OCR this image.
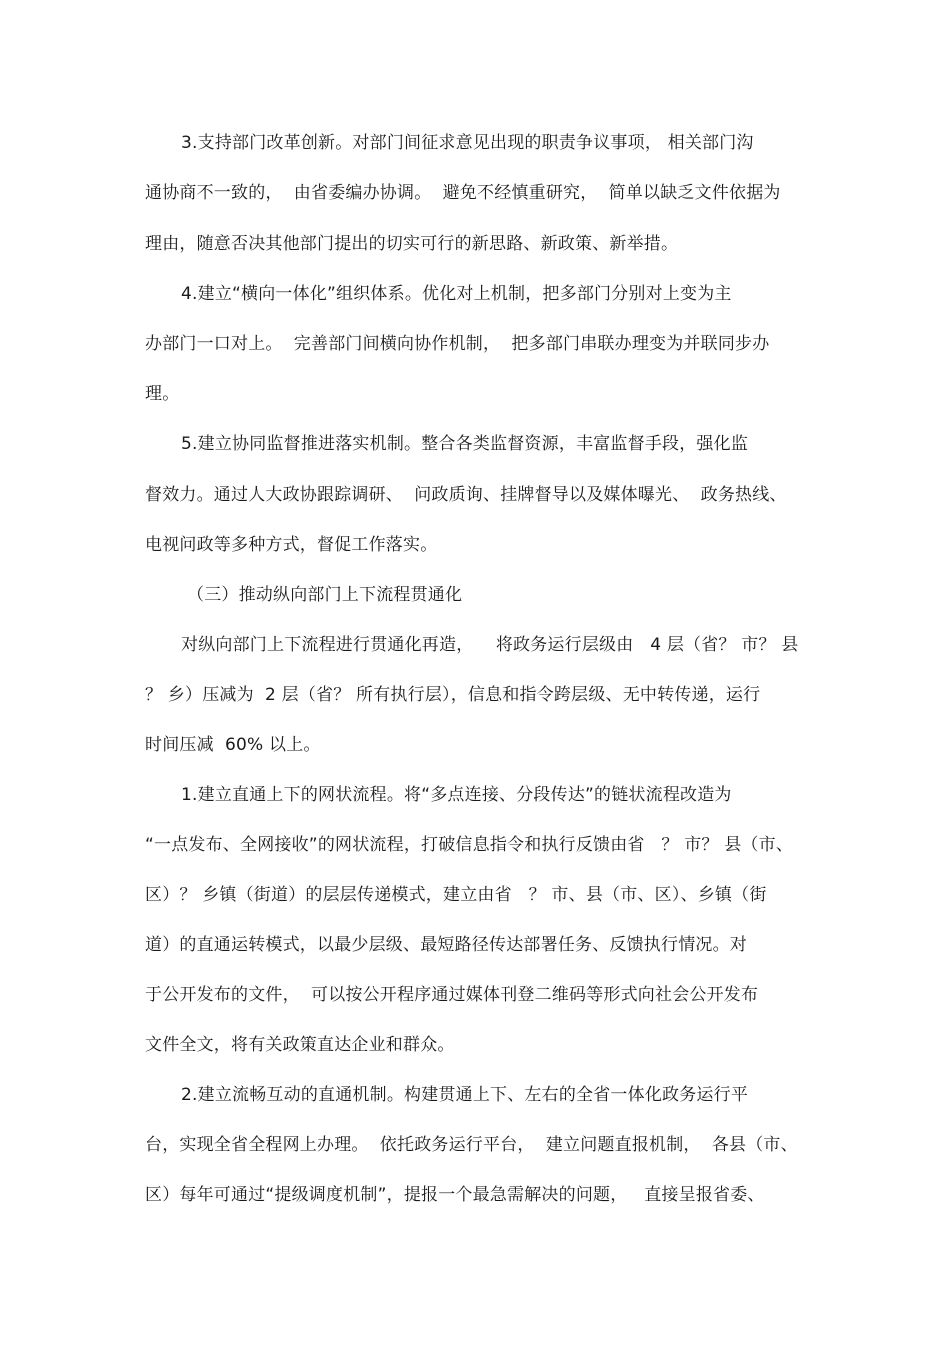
3.支持部门改革创新。对部门间征求意见出现的职责争议事项， 相关部门沟
通协商不一致的，  由省委编办协调。  避免不经慎重研究，  简单以缺乏文件依据为
理由，随意否决其他部门提出的切实可行的新思路、新政策、新举措。
4.建立“横向一体化”组织体系。优化对上机制，把多部门分别对上变为主
办部门一口对上。  完善部门间横向协作机制，  把多部门串联办理变为并联同步办
理。
5.建立协同监督推进落实机制。整合各类监督资源，丰富监督手段，强化监
督效力。通过人大政协跟踪调研、  问政质询、挂牌督导以及媒体曝光、  政务热线、
电视问政等多种方式，督促工作落实。
（三）推动纵向部门上下流程贯通化
对纵向部门上下流程进行贯通化再造，    将政务运行层级由   4 层（省？ 市？ 县
？ 乡）压减为  2 层（省？ 所有执行层），信息和指令跨层级、无中转传递，运行
时间压减  60% 以上。
1.建立直通上下的网状流程。将“多点连接、分段传达”的链状流程改造为
“一点发布、全网接收”的网状流程，打破信息指令和执行反馈由省   ？ 市？ 县（市、
区）？ 乡镇（街道）的层层传递模式，建立由省   ？ 市、县（市、区）、乡镇（街
道）的直通运转模式，以最少层级、最短路径传达部署任务、反馈执行情况。对
于公开发布的文件，  可以按公开程序通过媒体刊登二维码等形式向社会公开发布
文件全文，将有关政策直达企业和群众。
2.建立流畅互动的直通机制。构建贯通上下、左右的全省一体化政务运行平
台，实现全省全程网上办理。  依托政务运行平台，  建立问题直报机制，  各县（市、
区）每年可通过“提级调度机制”，提报一个最急需解决的问题，   直接呈报省委、
